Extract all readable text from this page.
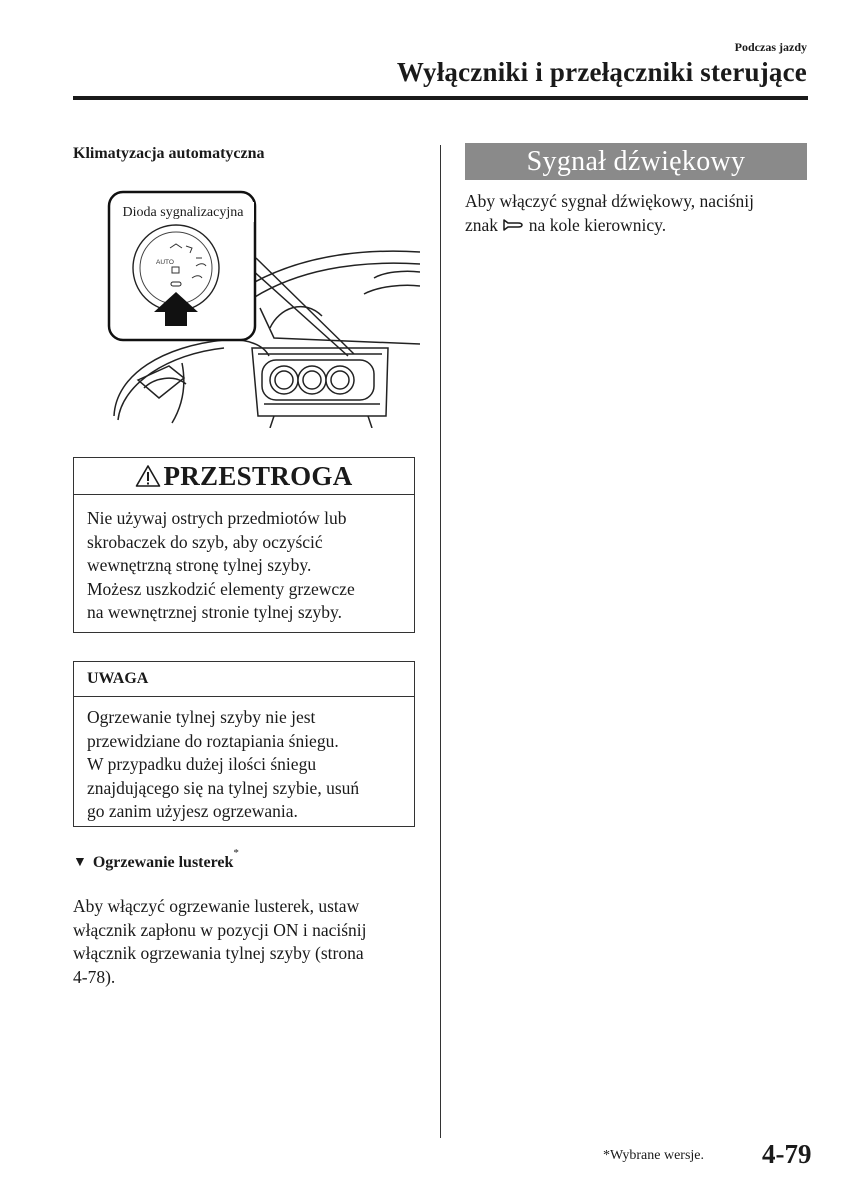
Podczas jazdy
Wyłączniki i przełączniki sterujące
Klimatyzacja automatyczna
AUTO
Dioda sygnalizacyjna
PRZESTROGA
Nie używaj ostrych przedmiotów lub
skrobaczek do szyb, aby oczyścić
wewnętrzną stronę tylnej szyby.
Możesz uszkodzić elementy grzewcze
na wewnętrznej stronie tylnej szyby.
UWAGA
Ogrzewanie tylnej szyby nie jest
przewidziane do roztapiania śniegu.
W przypadku dużej ilości śniegu
znajdującego się na tylnej szybie, usuń
go zanim użyjesz ogrzewania.
▼ Ogrzewanie lusterek
*
Aby włączyć ogrzewanie lusterek, ustaw
włącznik zapłonu w pozycji ON i naciśnij
włącznik ogrzewania tylnej szyby (strona
4-78).
Sygnał dźwiękowy
Aby włączyć sygnał dźwiękowy, naciśnij
znak  na kole kierownicy.
*Wybrane wersje. 4-79
